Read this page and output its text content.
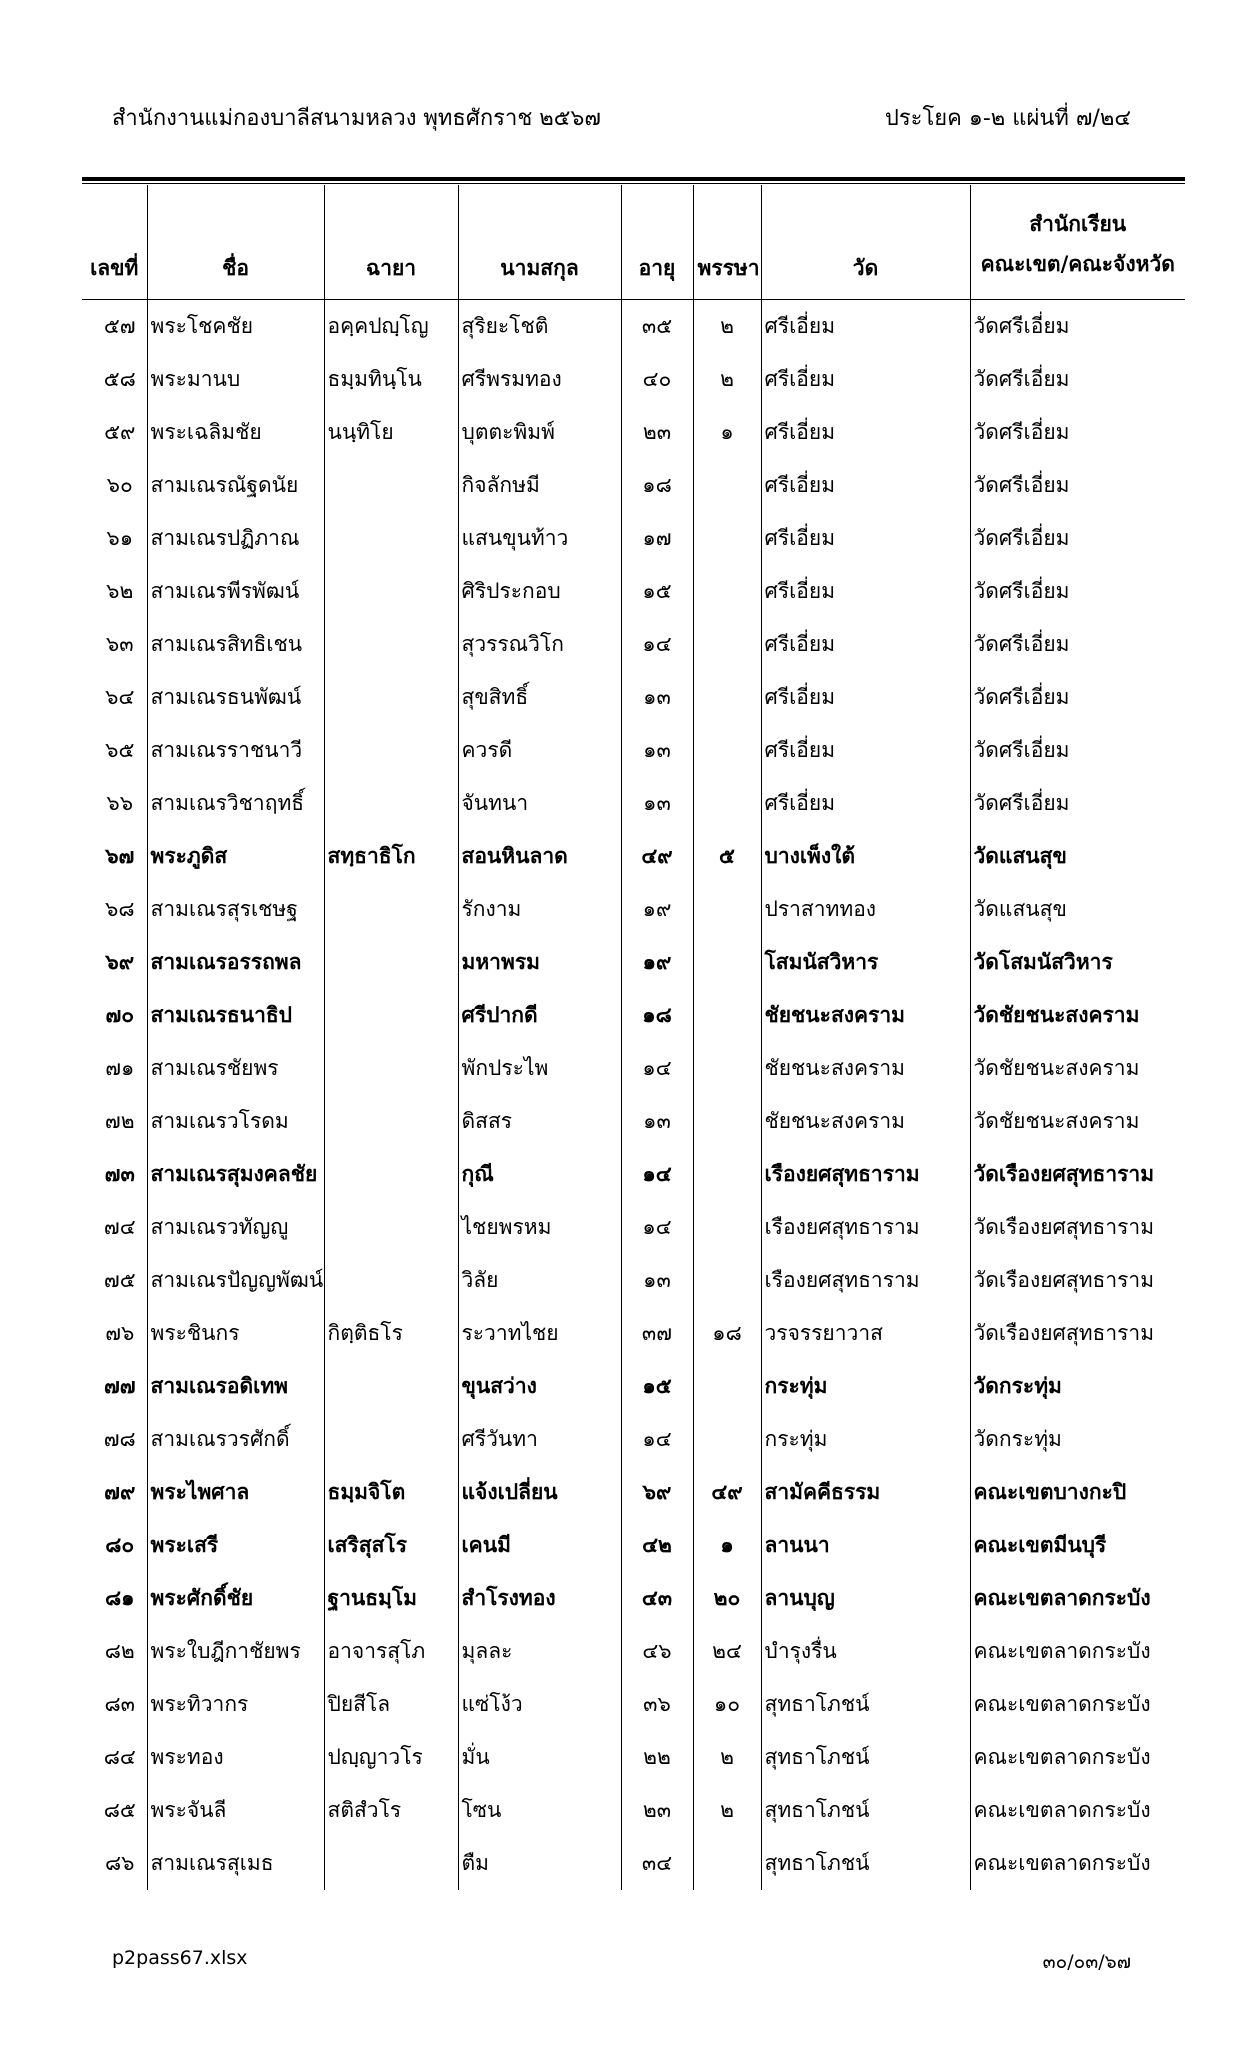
สำนักงานแม่กองบาลีสนามหลวง พุทธศักราช ๒๕๖๗	ประโยค ๑-๒ แผ่นที่ ๗/๒๔
เลขที่	ชื่อ	ฉายา	นามสกุล	อายุ	พรรษา	วัด	สำนักเรียน
คณะเขต/คณะจังหวัด

๕๗	พระโชคชัย	อคฺคปญฺโญ	สุริยะโชติ	๓๕	๒	ศรีเอี่ยม	วัดศรีเอี่ยม
๕๘	พระมานบ	ธมฺมทินฺโน	ศรีพรมทอง	๔๐	๒	ศรีเอี่ยม	วัดศรีเอี่ยม
๕๙	พระเฉลิมชัย	นนฺทิโย	บุตตะพิมพ์	๒๓	๑	ศรีเอี่ยม	วัดศรีเอี่ยม
๖๐	สามเณรณัฐดนัย		กิจลักษมี	๑๘		ศรีเอี่ยม	วัดศรีเอี่ยม
๖๑	สามเณรปฏิภาณ		แสนขุนท้าว	๑๗		ศรีเอี่ยม	วัดศรีเอี่ยม
๖๒	สามเณรพีรพัฒน์		ศิริประกอบ	๑๕		ศรีเอี่ยม	วัดศรีเอี่ยม
๖๓	สามเณรสิทธิเชน		สุวรรณวิโก	๑๔		ศรีเอี่ยม	วัดศรีเอี่ยม
๖๔	สามเณรธนพัฒน์		สุขสิทธิ์	๑๓		ศรีเอี่ยม	วัดศรีเอี่ยม
๖๕	สามเณรราชนาวี		ควรดี	๑๓		ศรีเอี่ยม	วัดศรีเอี่ยม
๖๖	สามเณรวิชาฤทธิ์		จันทนา	๑๓		ศรีเอี่ยม	วัดศรีเอี่ยม
๖๗	พระภูดิส	สทฺธาธิโก	สอนหินลาด	๔๙	๕	บางเพ็งใต้	วัดแสนสุข
๖๘	สามเณรสุรเชษฐ		รักงาม	๑๙		ปราสาททอง	วัดแสนสุข
๖๙	สามเณรอรรถพล		มหาพรม	๑๙		โสมนัสวิหาร	วัดโสมนัสวิหาร
๗๐	สามเณรธนาธิป		ศรีปากดี	๑๘		ชัยชนะสงคราม	วัดชัยชนะสงคราม
๗๑	สามเณรชัยพร		พักประไพ	๑๔		ชัยชนะสงคราม	วัดชัยชนะสงคราม
๗๒	สามเณรวโรดม		ดิสสร	๑๓		ชัยชนะสงคราม	วัดชัยชนะสงคราม
๗๓	สามเณรสุมงคลชัย		กุณี	๑๔		เรืองยศสุทธาราม	วัดเรืองยศสุทธาราม
๗๔	สามเณรวทัญญู		ไชยพรหม	๑๔		เรืองยศสุทธาราม	วัดเรืองยศสุทธาราม
๗๕	สามเณรปัญญพัฒน์		วิลัย	๑๓		เรืองยศสุทธาราม	วัดเรืองยศสุทธาราม
๗๖	พระชินกร	กิตฺติธโร	ระวาทไชย	๓๗	๑๘	วรจรรยาวาส	วัดเรืองยศสุทธาราม
๗๗	สามเณรอดิเทพ		ขุนสว่าง	๑๕		กระทุ่ม	วัดกระทุ่ม
๗๘	สามเณรวรศักดิ์		ศรีวันทา	๑๔		กระทุ่ม	วัดกระทุ่ม
๗๙	พระไพศาล	ธมฺมจิโต	แจ้งเปลี่ยน	๖๙	๔๙	สามัคคีธรรม	คณะเขตบางกะปิ
๘๐	พระเสรี	เสริสุสโร	เคนมี	๔๒	๑	ลานนา	คณะเขตมีนบุรี
๘๑	พระศักดิ์ชัย	ฐานธมฺโม	สำโรงทอง	๔๓	๒๐	ลานบุญ	คณะเขตลาดกระบัง
๘๒	พระใบฎีกาชัยพร	อาจารสุโภ	มุลละ	๔๖	๒๔	บำรุงรื่น	คณะเขตลาดกระบัง
๘๓	พระทิวากร	ปิยสีโล	แซ่โง้ว	๓๖	๑๐	สุทธาโภชน์	คณะเขตลาดกระบัง
๘๔	พระทอง	ปญฺญาวโร	มั่น	๒๒	๒	สุทธาโภชน์	คณะเขตลาดกระบัง
๘๕	พระจันลี	สติสํวโร	โซน	๒๓	๒	สุทธาโภชน์	คณะเขตลาดกระบัง
๘๖	สามเณรสุเมธ		ตืม	๓๔		สุทธาโภชน์	คณะเขตลาดกระบัง
p2pass67.xlsx	๓๐/๐๓/๖๗
